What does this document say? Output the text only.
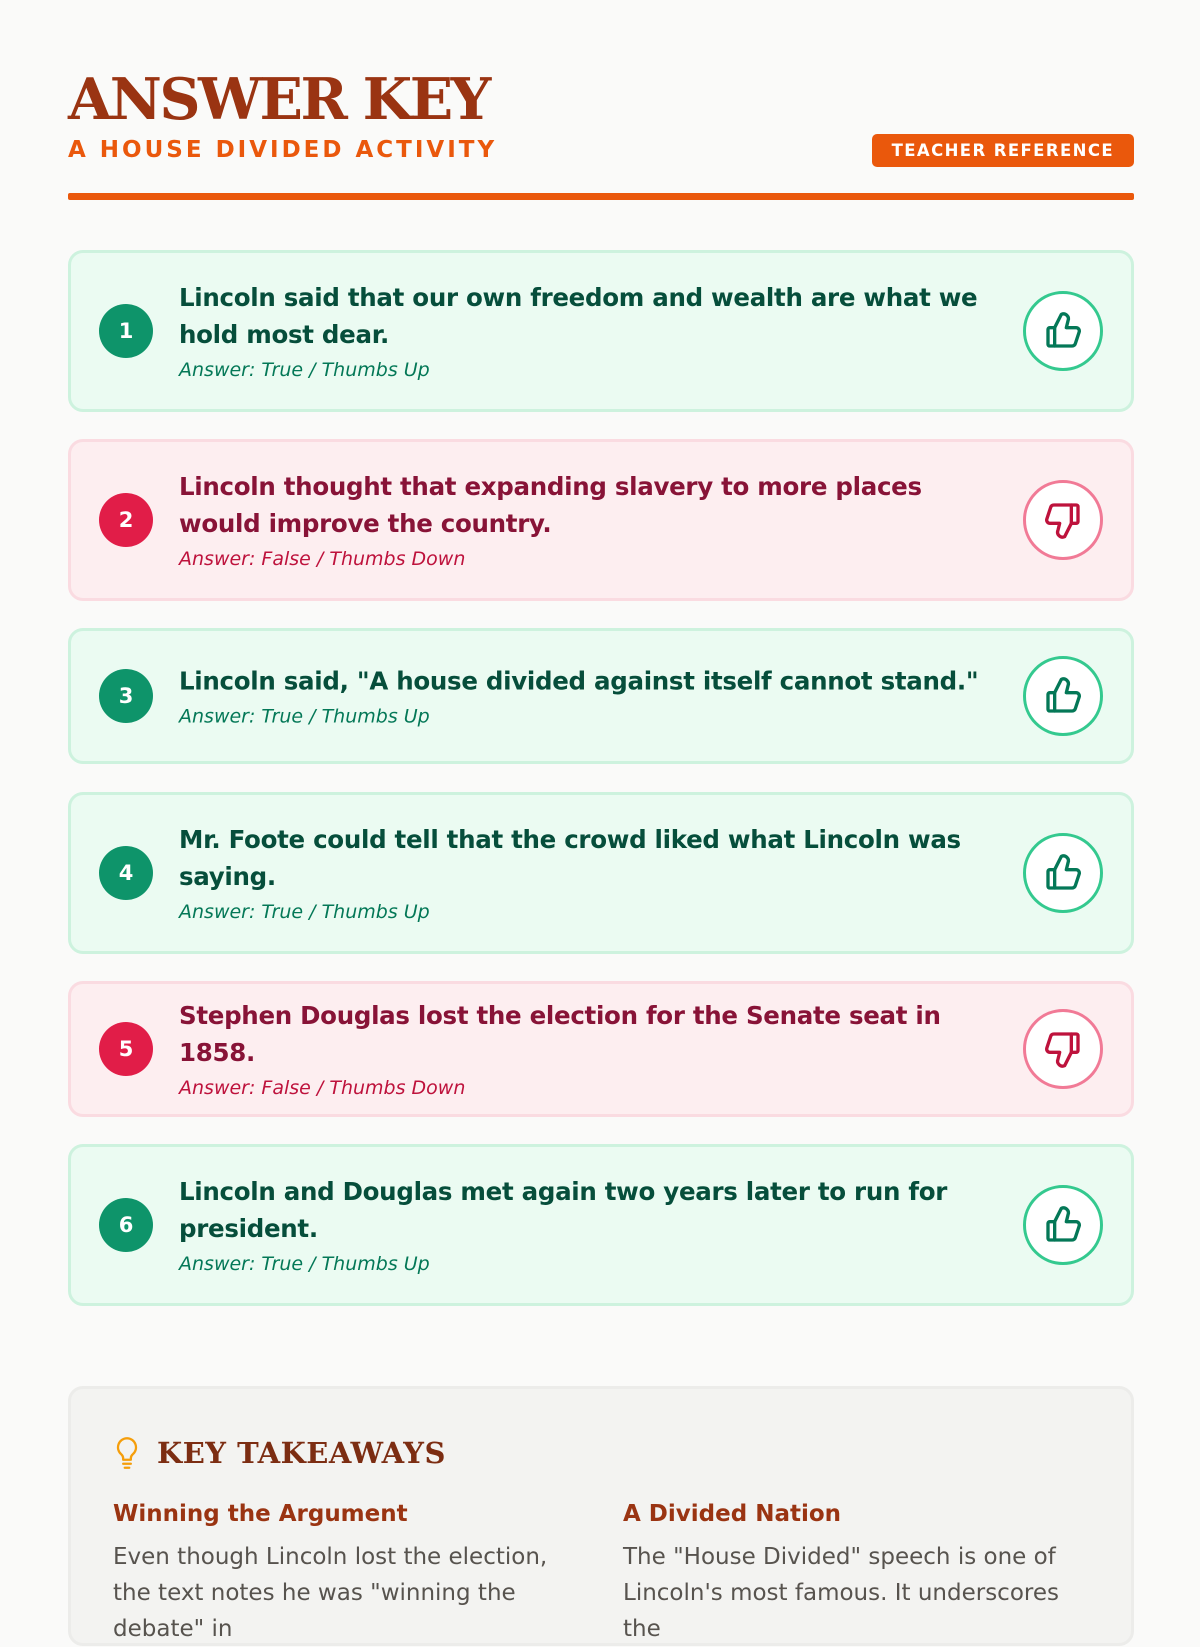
ANSWER KEY
A HOUSE DIVIDED ACTIVITY	TEACHER REFERENCE
1
Lincoln said that our own freedom and wealth are what we hold most dear.
Answer: True / Thumbs Up
2
Lincoln thought that expanding slavery to more places would improve the country.
Answer: False / Thumbs Down
3
Lincoln said, "A house divided against itself cannot stand."
Answer: True / Thumbs Up
4
Mr. Foote could tell that the crowd liked what Lincoln was saying.
Answer: True / Thumbs Up
5
Stephen Douglas lost the election for the Senate seat in 1858.
Answer: False / Thumbs Down
6
Lincoln and Douglas met again two years later to run for president.
Answer: True / Thumbs Up
KEY TAKEAWAYS
Winning the Argument

Even though Lincoln lost the election, the text notes he was "winning the debate" in

A Divided Nation

The "House Divided" speech is one of Lincoln's most famous. It underscores the
